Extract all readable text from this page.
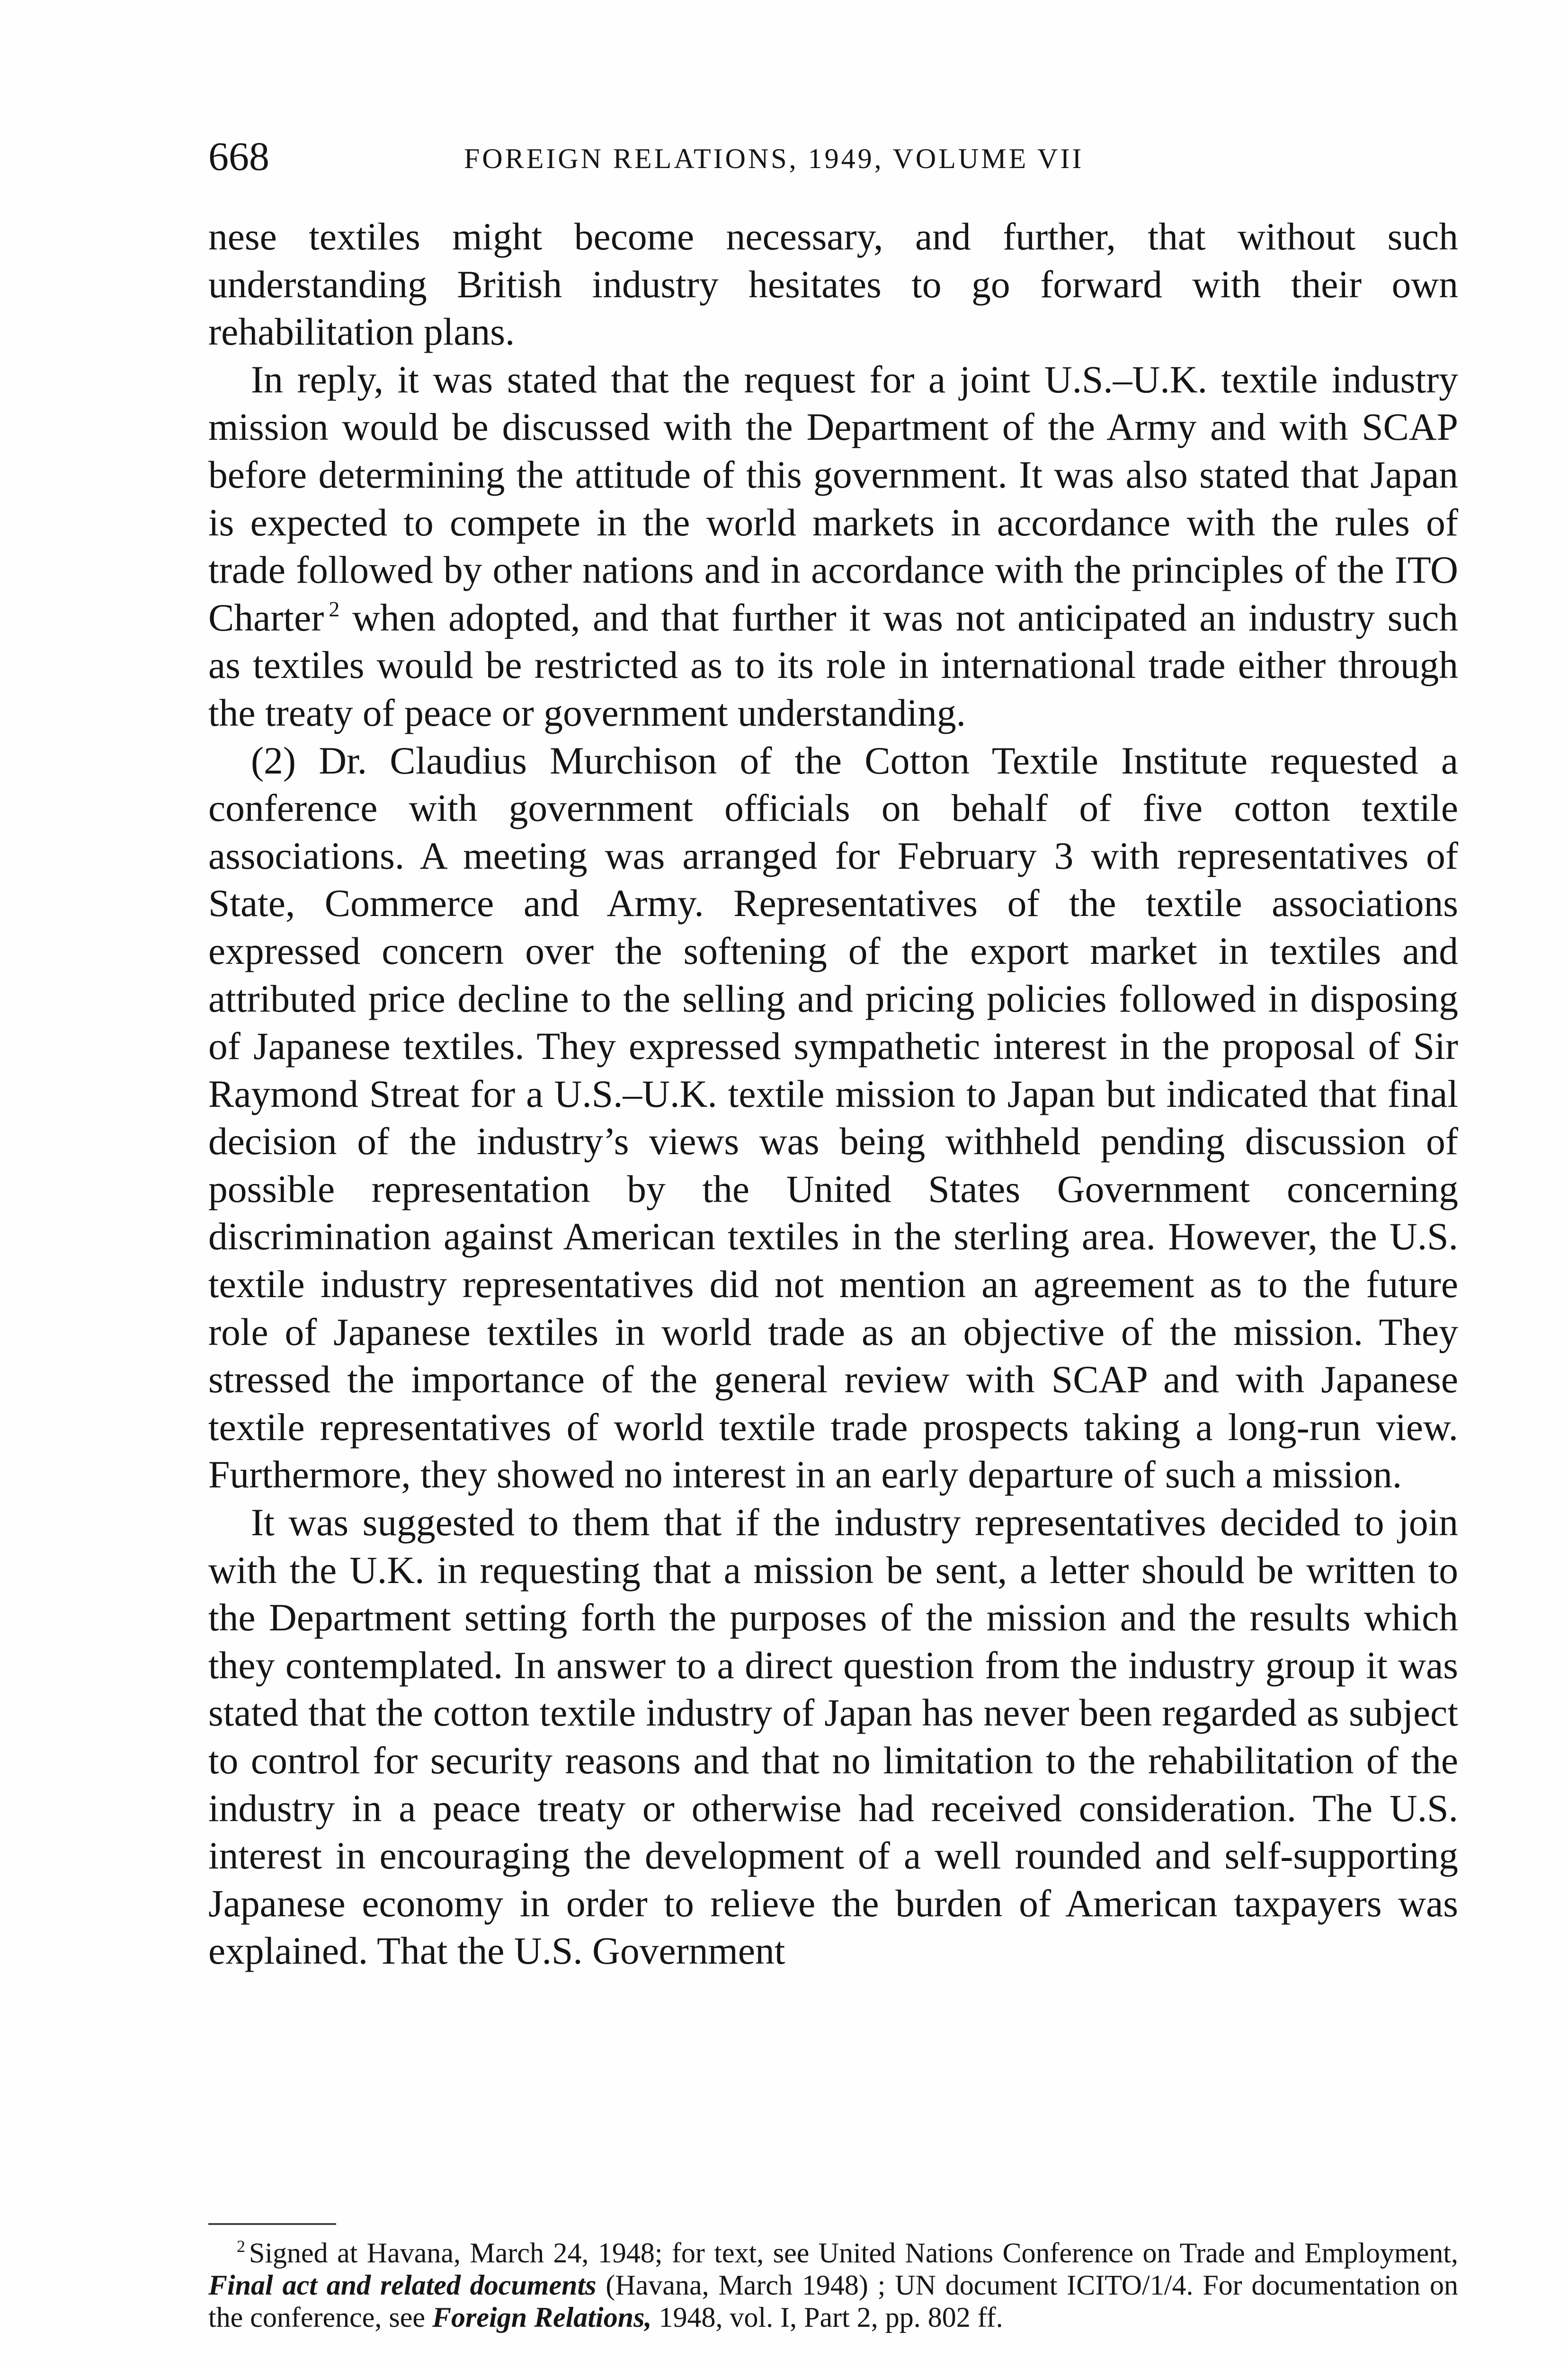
668	FOREIGN RELATIONS, 1949, VOLUME VII

nese textiles might become necessary, and further, that without such understanding British industry hesitates to go forward with their own rehabilitation plans.

In reply, it was stated that the request for a joint U.S.–U.K. textile industry mission would be discussed with the Department of the Army and with SCAP before determining the attitude of this government. It was also stated that Japan is expected to compete in the world markets in accordance with the rules of trade followed by other nations and in accordance with the principles of the ITO Charter $^2$ when adopted, and that further it was not anticipated an industry such as textiles would be restricted as to its role in international trade either through the treaty of peace or government understanding.

(2) Dr. Claudius Murchison of the Cotton Textile Institute requested a conference with government officials on behalf of five cotton textile associations. A meeting was arranged for February 3 with representatives of State, Commerce and Army. Representatives of the textile associations expressed concern over the softening of the export market in textiles and attributed price decline to the selling and pricing policies followed in disposing of Japanese textiles. They expressed sympathetic interest in the proposal of Sir Raymond Streat for a U.S.–U.K. textile mission to Japan but indicated that final decision of the industry’s views was being withheld pending discussion of possible representation by the United States Government concerning discrimination against American textiles in the sterling area. However, the U.S. textile industry representatives did not mention an agreement as to the future role of Japanese textiles in world trade as an objective of the mission. They stressed the importance of the general review with SCAP and with Japanese textile representatives of world textile trade prospects taking a long-run view. Furthermore, they showed no interest in an early departure of such a mission.

It was suggested to them that if the industry representatives decided to join with the U.K. in requesting that a mission be sent, a letter should be written to the Department setting forth the purposes of the mission and the results which they contemplated. In answer to a direct question from the industry group it was stated that the cotton textile industry of Japan has never been regarded as subject to control for security reasons and that no limitation to the rehabilitation of the industry in a peace treaty or otherwise had received consideration. The U.S. interest in encouraging the development of a well rounded and self-supporting Japanese economy in order to relieve the burden of American taxpayers was explained. That the U.S. Government

$^2$ Signed at Havana, March 24, 1948; for text, see United Nations Conference on Trade and Employment, Final act and related documents (Havana, March 1948) ; UN document ICITO/1/4. For documentation on the conference, see Foreign Relations, 1948, vol. I, Part 2, pp. 802 ff.
